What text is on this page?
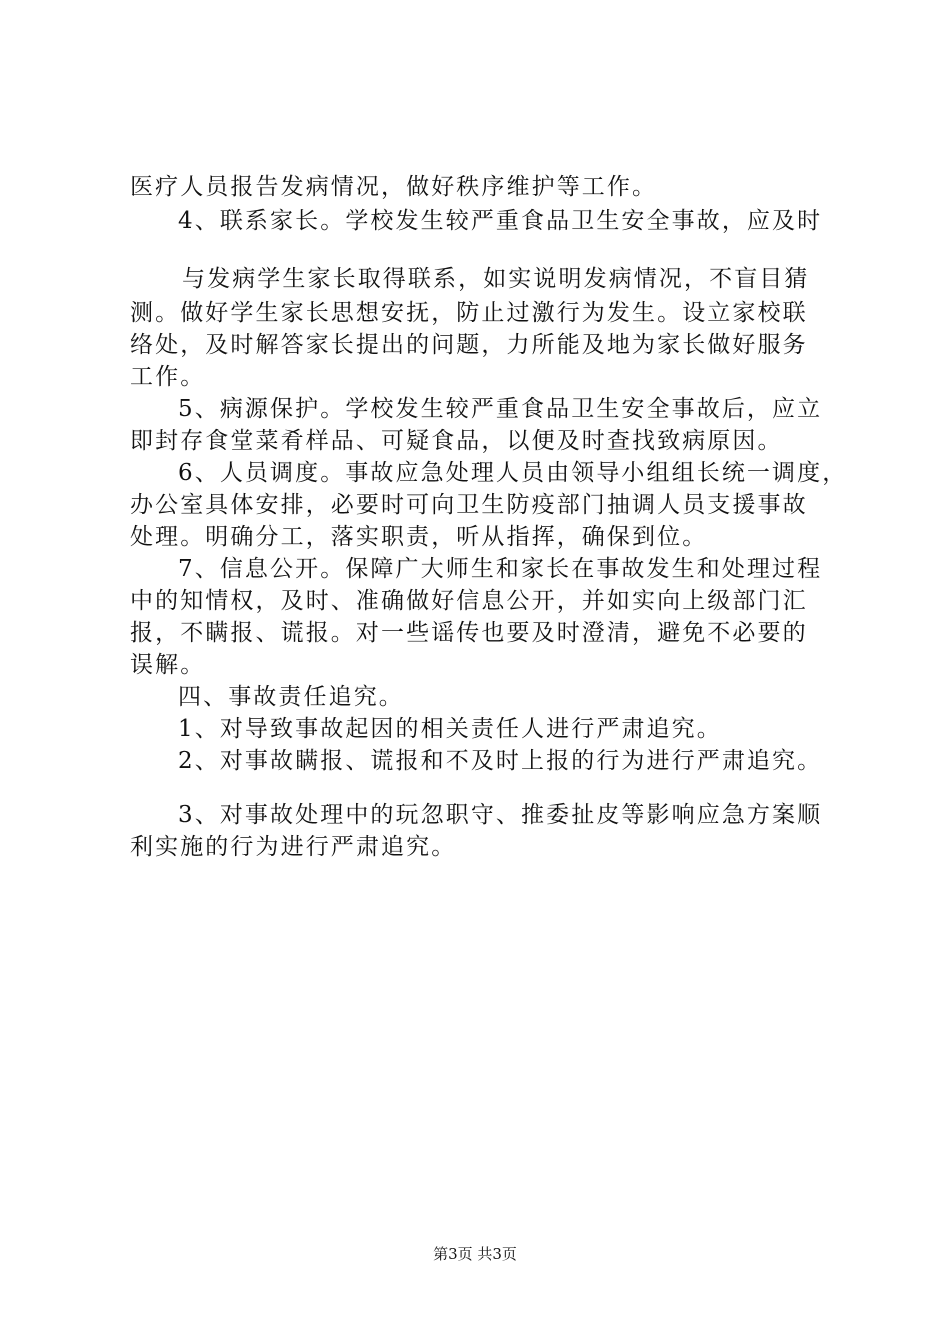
医疗人员报告发病情况，做好秩序维护等工作。
4、联系家长。学校发生较严重食品卫生安全事故，应及时
与发病学生家长取得联系，如实说明发病情况，不盲目猜
测。做好学生家长思想安抚，防止过激行为发生。设立家校联
络处，及时解答家长提出的问题，力所能及地为家长做好服务
工作。
5、病源保护。学校发生较严重食品卫生安全事故后，应立
即封存食堂菜肴样品、可疑食品，以便及时查找致病原因。
6、人员调度。事故应急处理人员由领导小组组长统一调度，
办公室具体安排，必要时可向卫生防疫部门抽调人员支援事故
处理。明确分工，落实职责，听从指挥，确保到位。
7、信息公开。保障广大师生和家长在事故发生和处理过程
中的知情权，及时、准确做好信息公开，并如实向上级部门汇
报，不瞒报、谎报。对一些谣传也要及时澄清，避免不必要的
误解。
四、事故责任追究。
1、对导致事故起因的相关责任人进行严肃追究。
2、对事故瞒报、谎报和不及时上报的行为进行严肃追究。
3、对事故处理中的玩忽职守、推委扯皮等影响应急方案顺
利实施的行为进行严肃追究。
第3页 共3页
